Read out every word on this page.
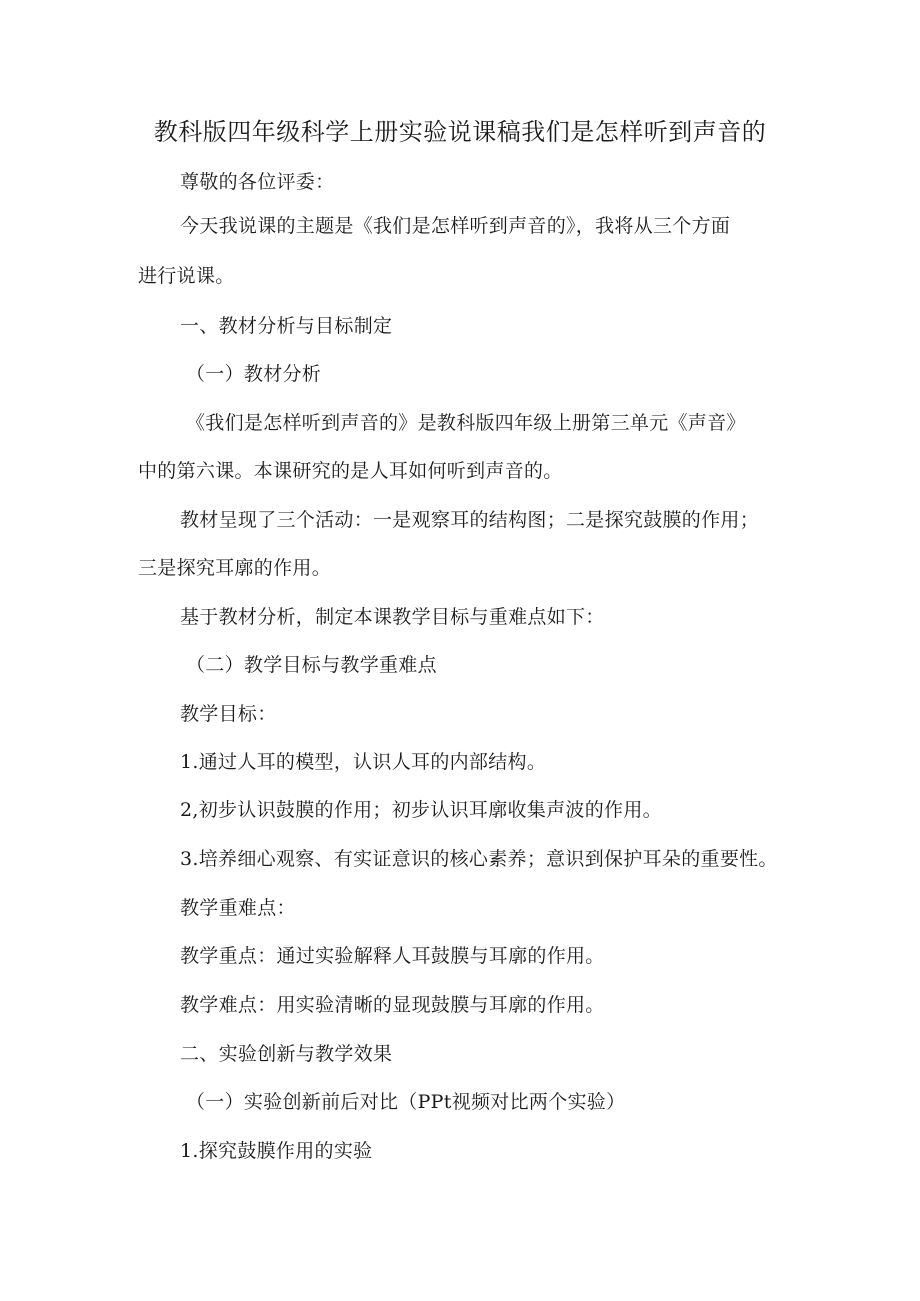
教科版四年级科学上册实验说课稿我们是怎样听到声音的
尊敬的各位评委：
今天我说课的主题是《我们是怎样听到声音的》，我将从三个方面
进行说课。
一、教材分析与目标制定
（一）教材分析
《我们是怎样听到声音的》是教科版四年级上册第三单元《声音》
中的第六课。本课研究的是人耳如何听到声音的。
教材呈现了三个活动：一是观察耳的结构图；二是探究鼓膜的作用；
三是探究耳廓的作用。
基于教材分析，制定本课教学目标与重难点如下：
（二）教学目标与教学重难点
教学目标：
1.通过人耳的模型，认识人耳的内部结构。
2,初步认识鼓膜的作用；初步认识耳廓收集声波的作用。
3.培养细心观察、有实证意识的核心素养；意识到保护耳朵的重要性。
教学重难点：
教学重点：通过实验解释人耳鼓膜与耳廓的作用。
教学难点：用实验清晰的显现鼓膜与耳廓的作用。
二、实验创新与教学效果
（一）实验创新前后对比（PPt视频对比两个实验）
1.探究鼓膜作用的实验
